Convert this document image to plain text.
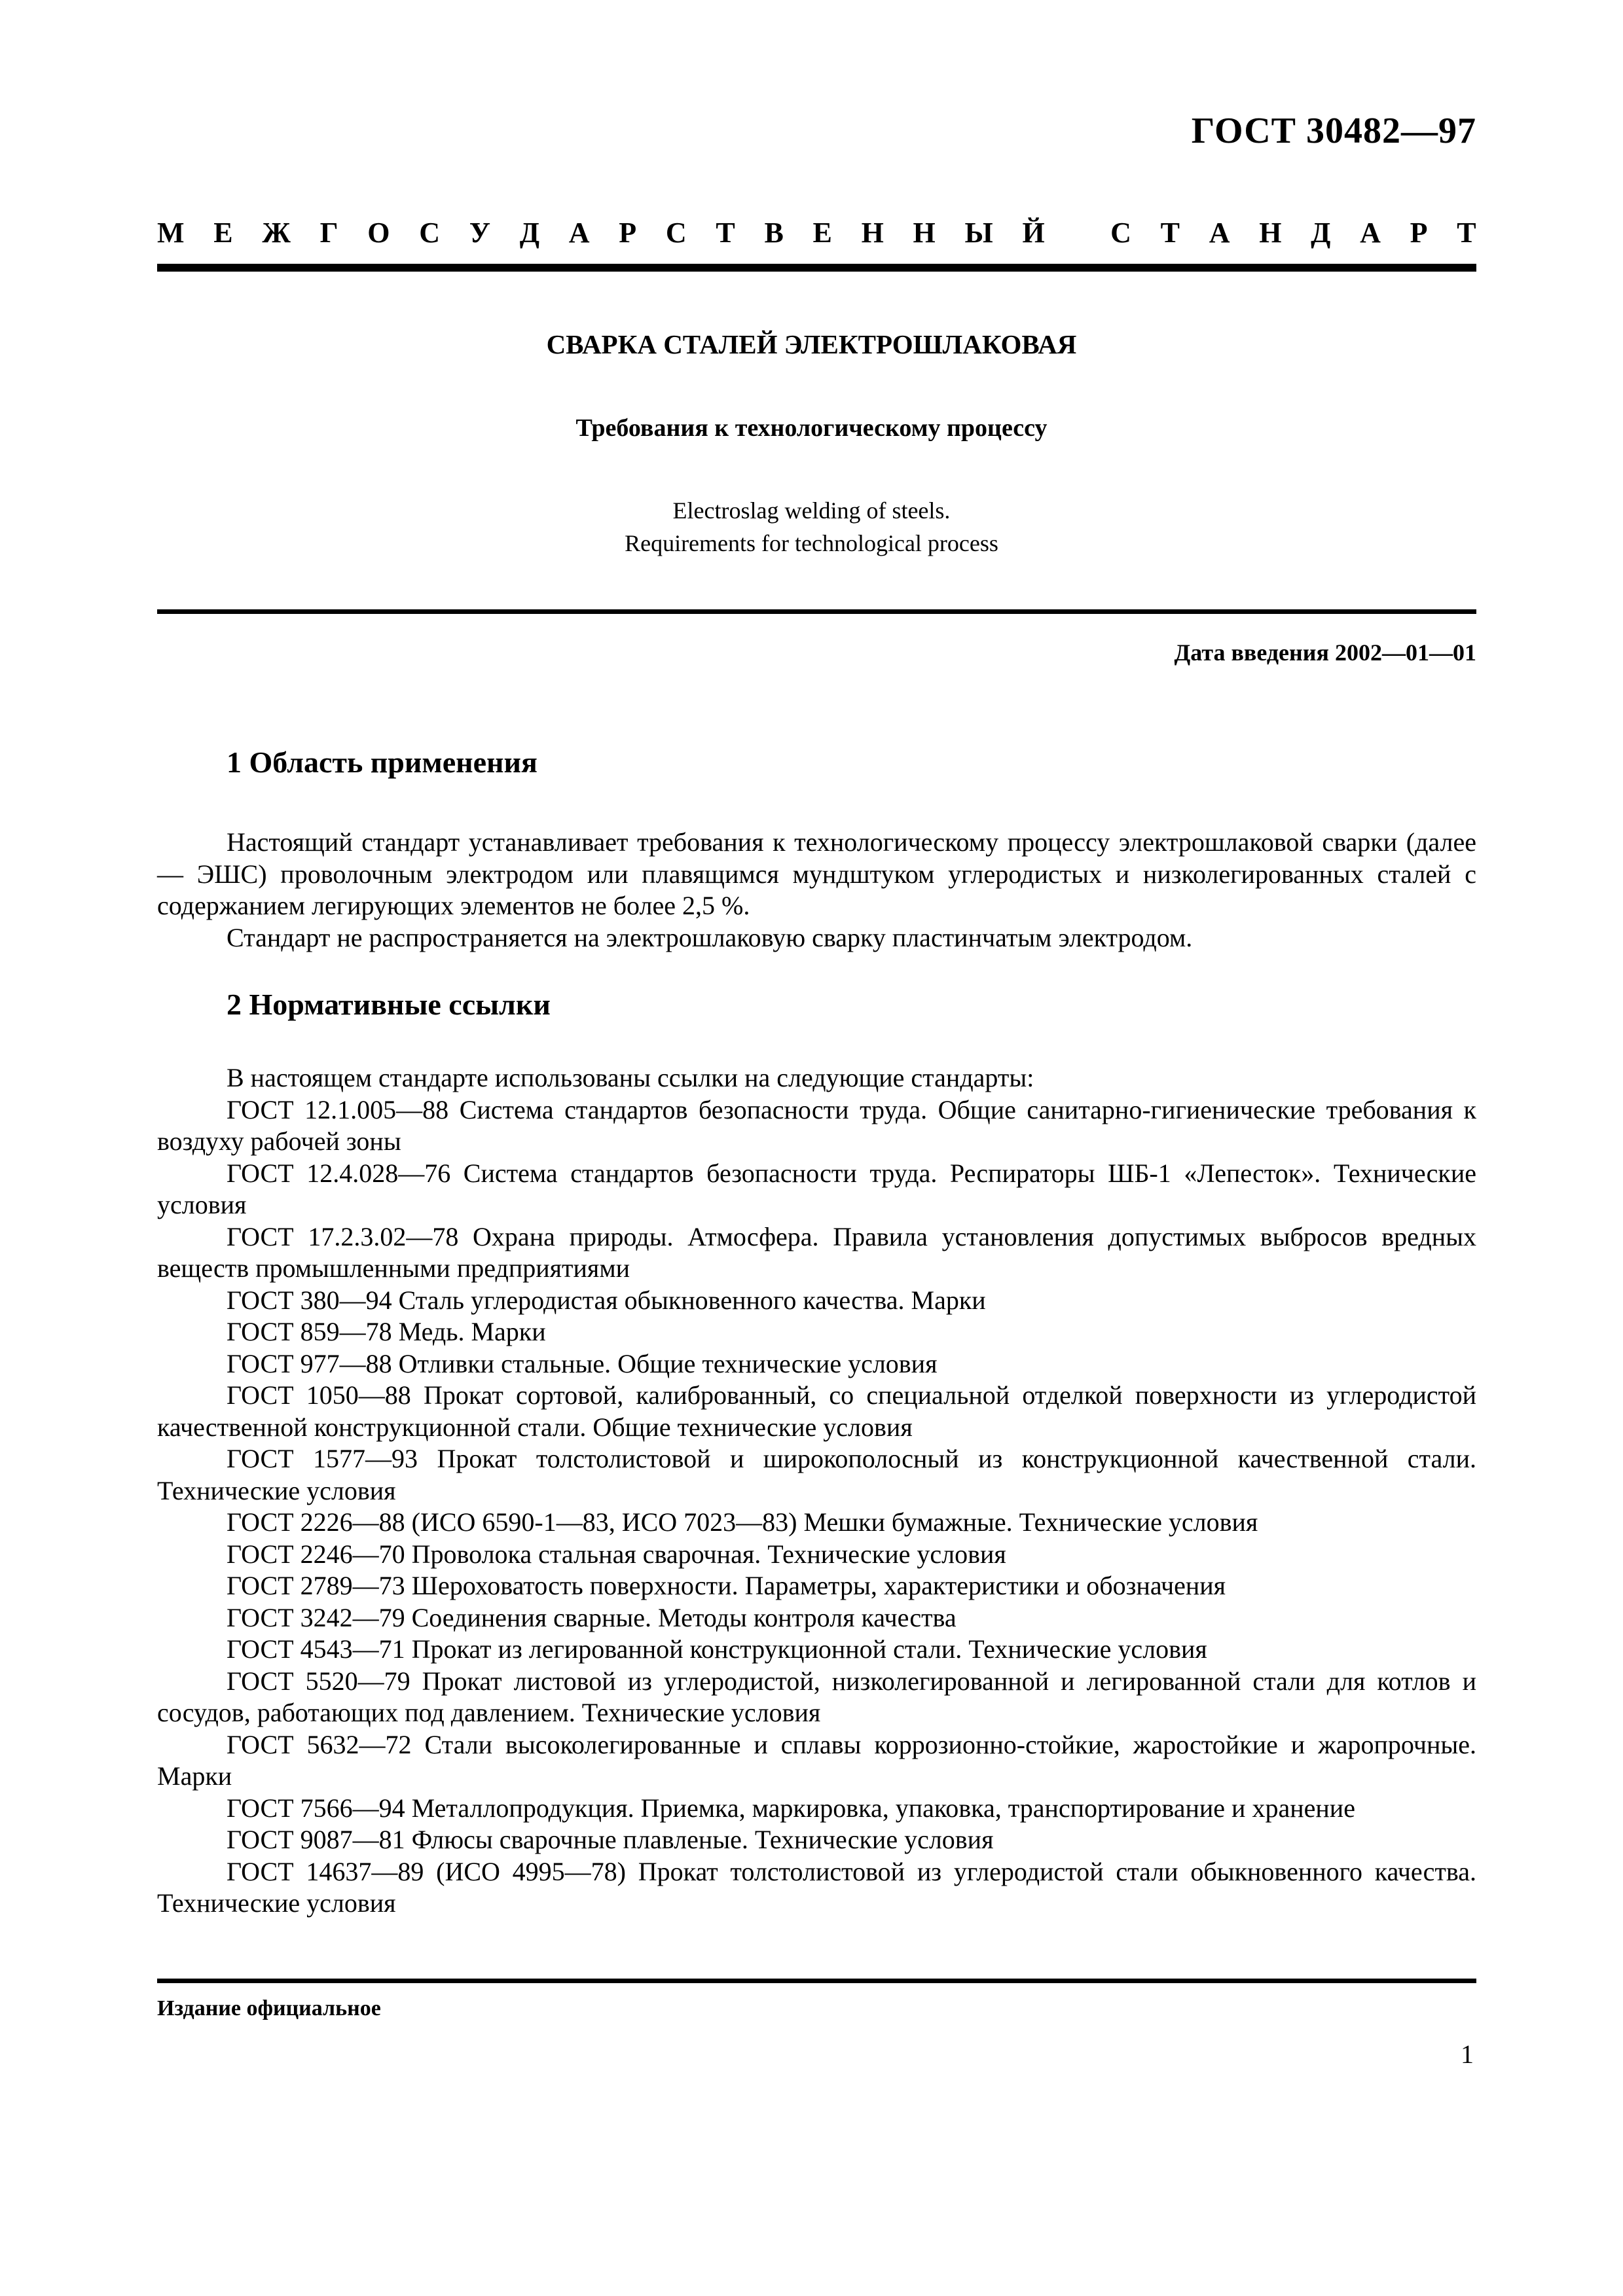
ГОСТ 30482—97
М Е Ж Г О С У Д А Р С Т В Е Н Н Ы Й
С Т А Н Д А Р Т
СВАРКА СТАЛЕЙ ЭЛЕКТРОШЛАКОВАЯ
Требования к технологическому процессу
Electroslag welding of steels.
Requirements for technological process
Дата введения 2002—01—01
1 Область применения

Настоящий стандарт устанавливает требования к технологическому процессу электрошлаковой сварки (далее — ЭШС) проволочным электродом или плавящимся мундштуком углеродистых и низколегированных сталей с содержанием легирующих элементов не более 2,5 %.

Стандарт не распространяется на электрошлаковую сварку пластинчатым электродом.

2 Нормативные ссылки

В настоящем стандарте использованы ссылки на следующие стандарты:

ГОСТ 12.1.005—88 Система стандартов безопасности труда. Общие санитарно-гигиенические требования к воздуху рабочей зоны

ГОСТ 12.4.028—76 Система стандартов безопасности труда. Респираторы ШБ-1 «Лепесток». Технические условия

ГОСТ 17.2.3.02—78 Охрана природы. Атмосфера. Правила установления допустимых выбросов вредных веществ промышленными предприятиями

ГОСТ 380—94 Сталь углеродистая обыкновенного качества. Марки

ГОСТ 859—78 Медь. Марки

ГОСТ 977—88 Отливки стальные. Общие технические условия

ГОСТ 1050—88 Прокат сортовой, калиброванный, со специальной отделкой поверхности из углеродистой качественной конструкционной стали. Общие технические условия

ГОСТ 1577—93 Прокат толстолистовой и широкополосный из конструкционной качественной стали. Технические условия

ГОСТ 2226—88 (ИСО 6590-1—83, ИСО 7023—83) Мешки бумажные. Технические условия

ГОСТ 2246—70 Проволока стальная сварочная. Технические условия

ГОСТ 2789—73 Шероховатость поверхности. Параметры, характеристики и обозначения

ГОСТ 3242—79 Соединения сварные. Методы контроля качества

ГОСТ 4543—71 Прокат из легированной конструкционной стали. Технические условия

ГОСТ 5520—79 Прокат листовой из углеродистой, низколегированной и легированной стали для котлов и сосудов, работающих под давлением. Технические условия

ГОСТ 5632—72 Стали высоколегированные и сплавы коррозионно-стойкие, жаростойкие и жаропрочные. Марки

ГОСТ 7566—94 Металлопродукция. Приемка, маркировка, упаковка, транспортирование и хранение

ГОСТ 9087—81 Флюсы сварочные плавленые. Технические условия

ГОСТ 14637—89 (ИСО 4995—78) Прокат толстолистовой из углеродистой стали обыкновенного качества. Технические условия

Издание официальное
1
